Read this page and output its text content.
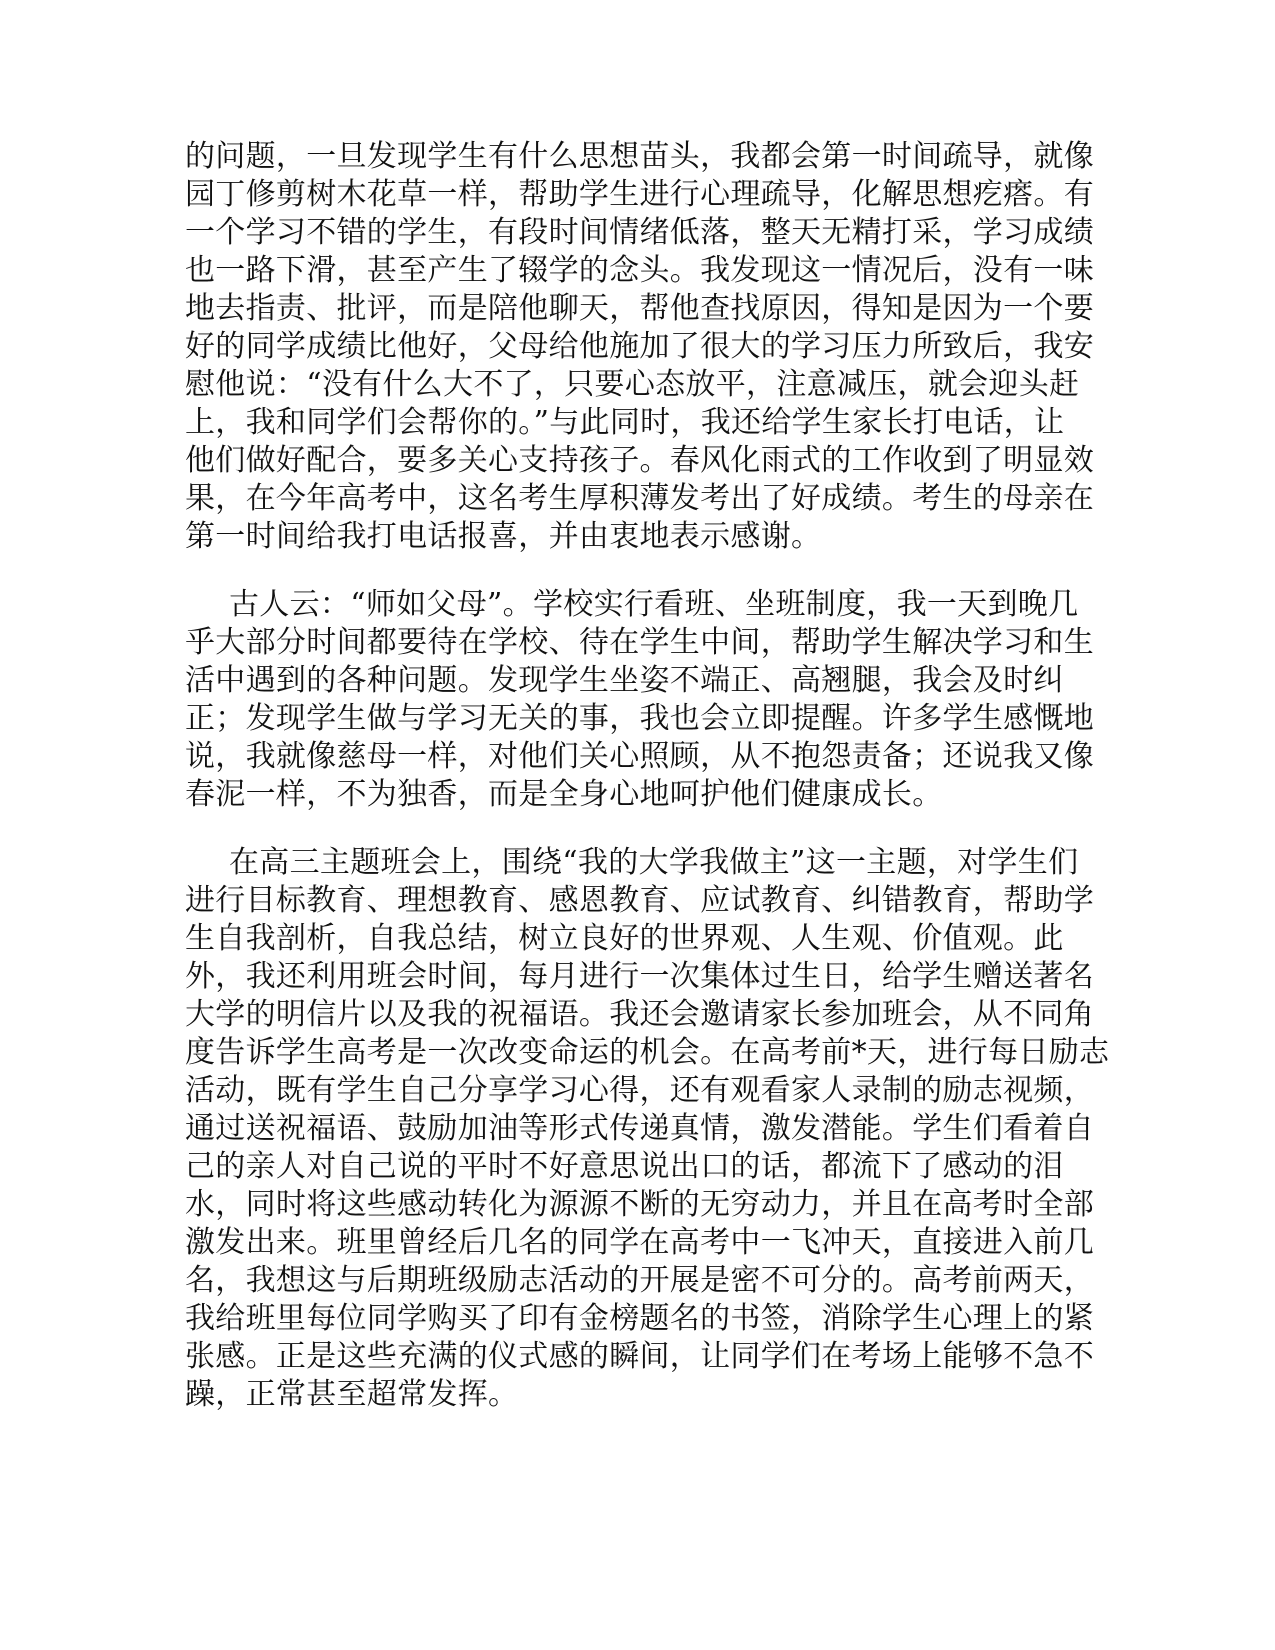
的问题，一旦发现学生有什么思想苗头，我都会第一时间疏导，就像
园丁修剪树木花草一样，帮助学生进行心理疏导，化解思想疙瘩。有
一个学习不错的学生，有段时间情绪低落，整天无精打采，学习成绩
也一路下滑，甚至产生了辍学的念头。我发现这一情况后，没有一味
地去指责、批评，而是陪他聊天，帮他查找原因，得知是因为一个要
好的同学成绩比他好，父母给他施加了很大的学习压力所致后，我安
慰他说：“没有什么大不了，只要心态放平，注意减压，就会迎头赶
上，我和同学们会帮你的。”与此同时，我还给学生家长打电话，让
他们做好配合，要多关心支持孩子。春风化雨式的工作收到了明显效
果，在今年高考中，这名考生厚积薄发考出了好成绩。考生的母亲在
第一时间给我打电话报喜，并由衷地表示感谢。
古人云：“师如父母”。学校实行看班、坐班制度，我一天到晚几
乎大部分时间都要待在学校、待在学生中间，帮助学生解决学习和生
活中遇到的各种问题。发现学生坐姿不端正、高翘腿，我会及时纠
正；发现学生做与学习无关的事，我也会立即提醒。许多学生感慨地
说，我就像慈母一样，对他们关心照顾，从不抱怨责备；还说我又像
春泥一样，不为独香，而是全身心地呵护他们健康成长。
在高三主题班会上，围绕“我的大学我做主”这一主题，对学生们
进行目标教育、理想教育、感恩教育、应试教育、纠错教育，帮助学
生自我剖析，自我总结，树立良好的世界观、人生观、价值观。此
外，我还利用班会时间，每月进行一次集体过生日，给学生赠送著名
大学的明信片以及我的祝福语。我还会邀请家长参加班会，从不同角
度告诉学生高考是一次改变命运的机会。在高考前*天，进行每日励志
活动，既有学生自己分享学习心得，还有观看家人录制的励志视频，
通过送祝福语、鼓励加油等形式传递真情，激发潜能。学生们看着自
己的亲人对自己说的平时不好意思说出口的话，都流下了感动的泪
水，同时将这些感动转化为源源不断的无穷动力，并且在高考时全部
激发出来。班里曾经后几名的同学在高考中一飞冲天，直接进入前几
名，我想这与后期班级励志活动的开展是密不可分的。高考前两天，
我给班里每位同学购买了印有金榜题名的书签，消除学生心理上的紧
张感。正是这些充满的仪式感的瞬间，让同学们在考场上能够不急不
躁，正常甚至超常发挥。
